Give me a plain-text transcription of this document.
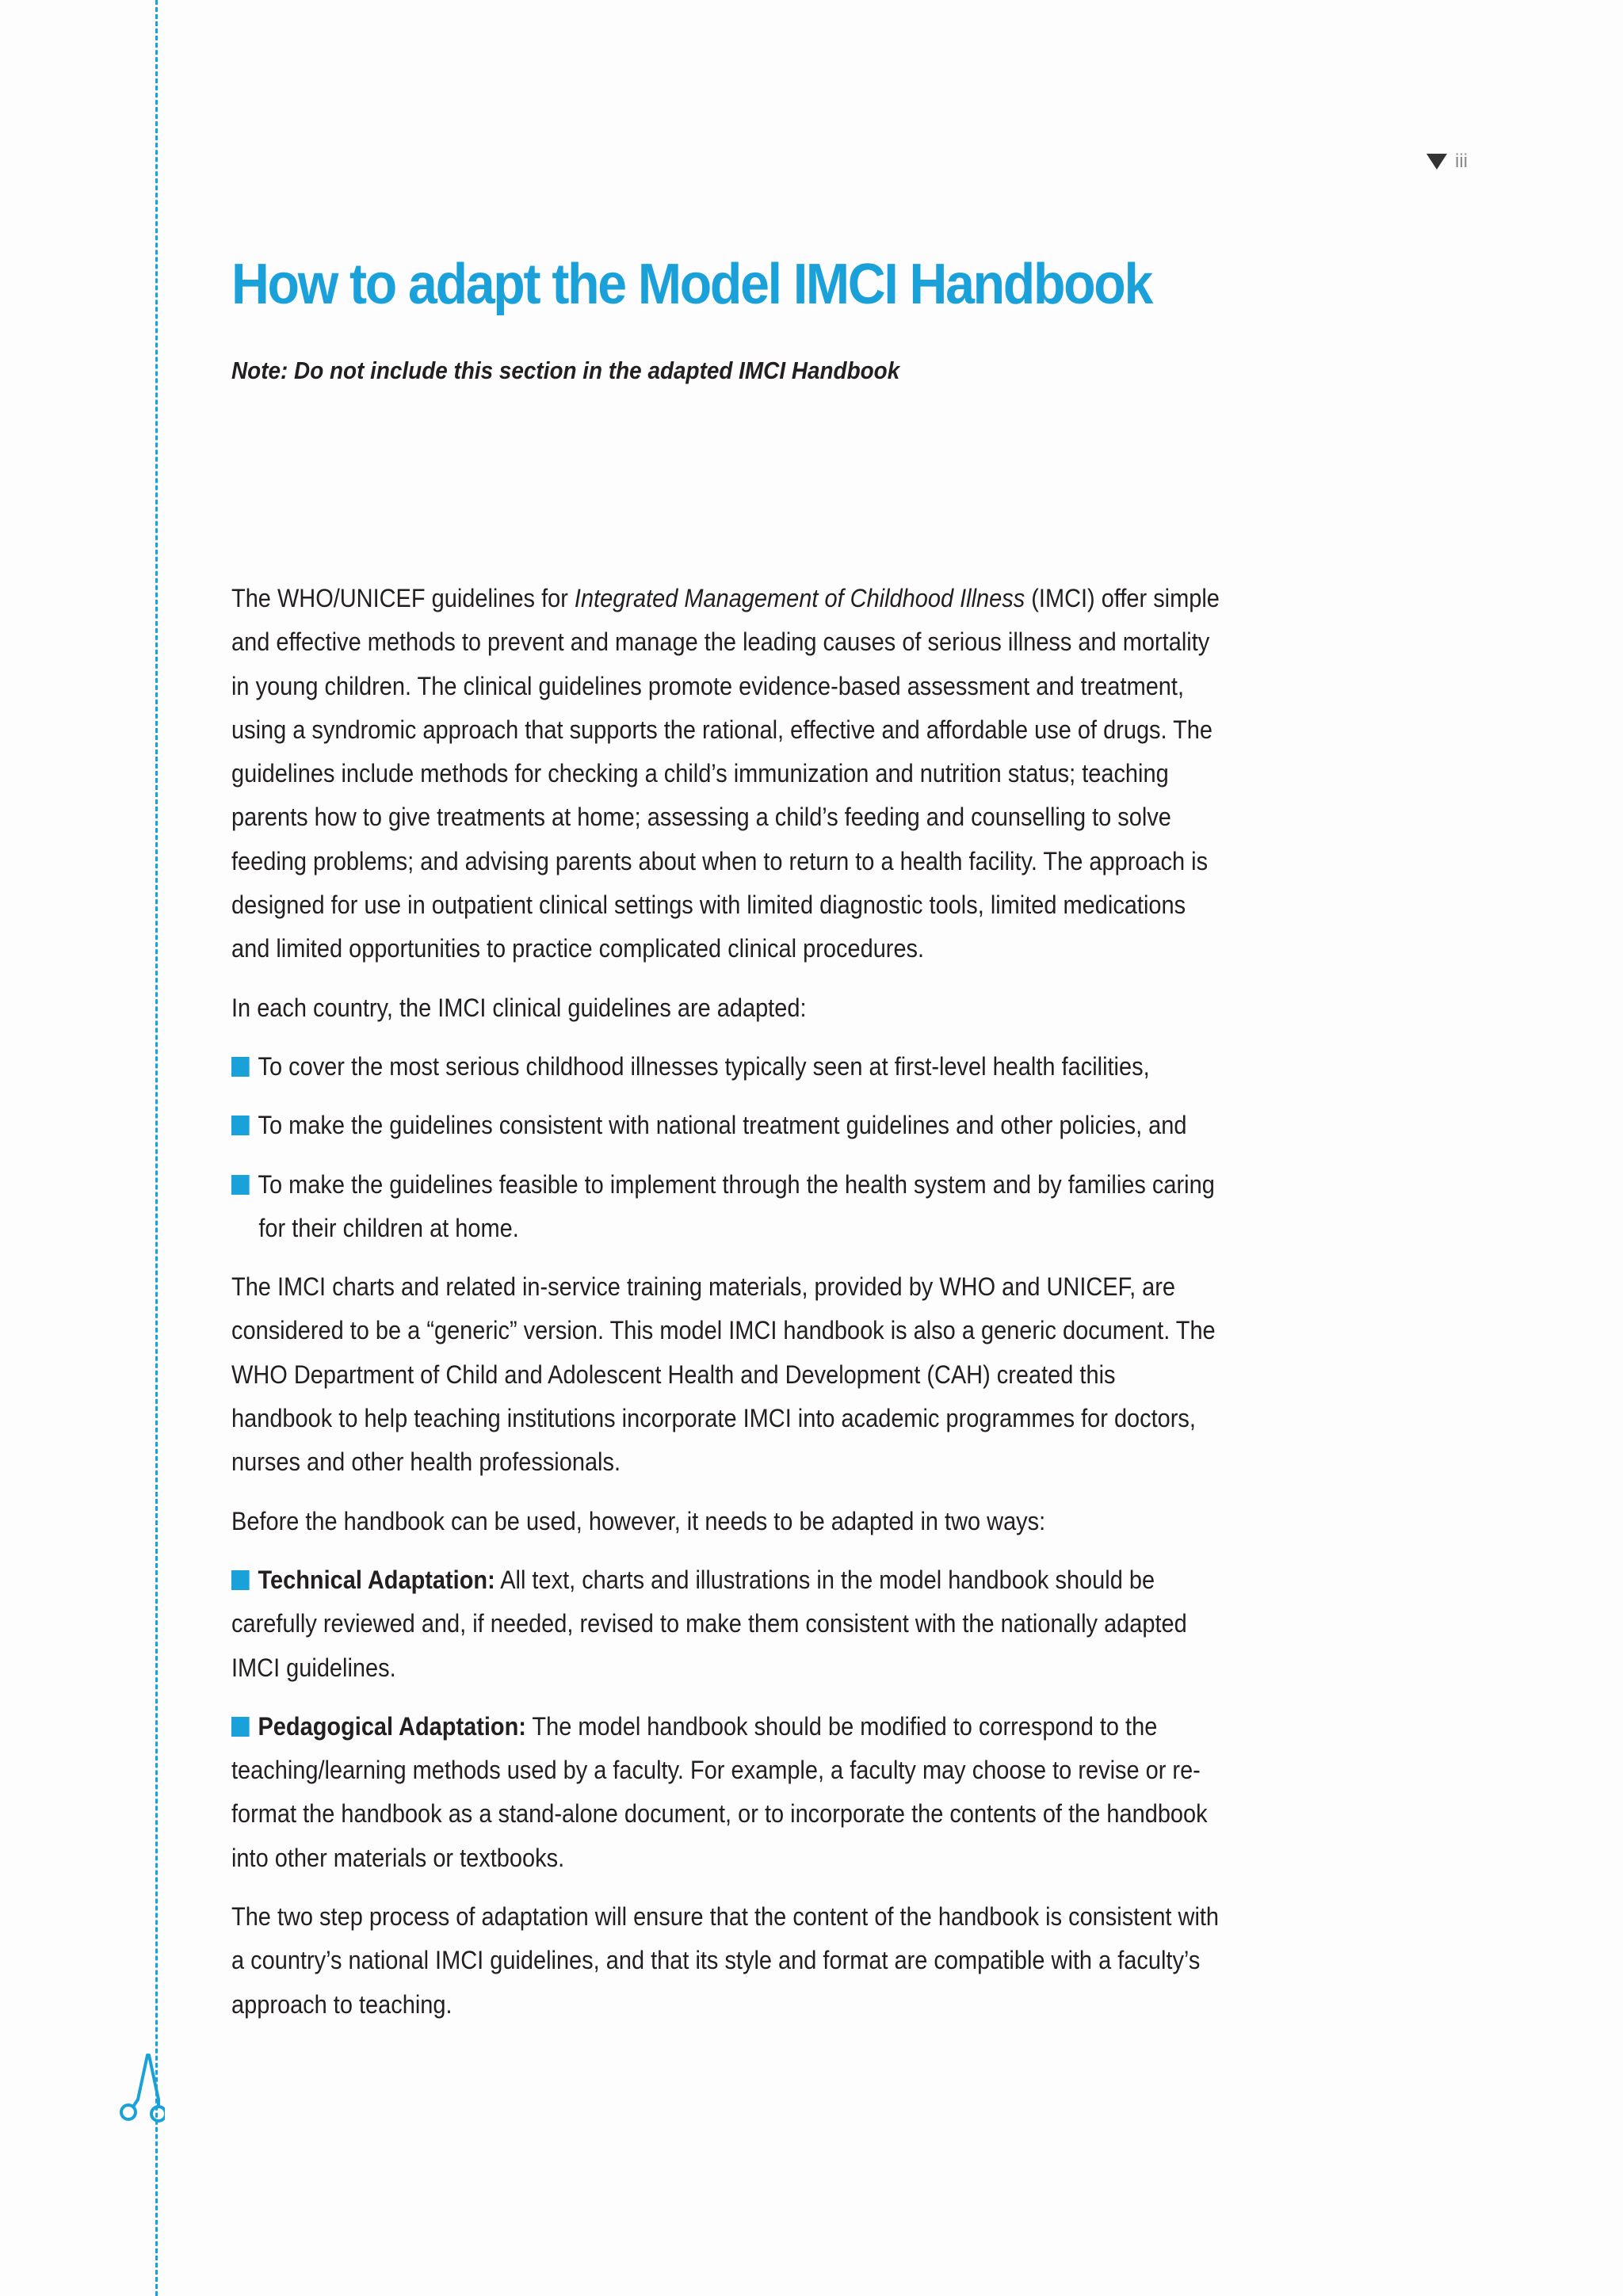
iii
How to adapt the Model IMCI Handbook

Note: Do not include this section in the adapted IMCI Handbook

The WHO/UNICEF guidelines for Integrated Management of Childhood Illness (IMCI) offer simple and effective methods to prevent and manage the leading causes of serious illness and mortality in young children. The clinical guidelines promote evidence-based assessment and treatment, using a syndromic approach that supports the rational, effective and affordable use of drugs. The guidelines include methods for checking a child’s immunization and nutrition status; teaching parents how to give treatments at home; assessing a child’s feeding and counselling to solve feeding problems; and advising parents about when to return to a health facility. The approach is designed for use in outpatient clinical settings with limited diagnostic tools, limited medications and limited opportunities to practice complicated clinical procedures.

In each country, the IMCI clinical guidelines are adapted:

To cover the most serious childhood illnesses typically seen at first-level health facilities,

To make the guidelines consistent with national treatment guidelines and other policies, and

To make the guidelines feasible to implement through the health system and by families caring for their children at home.

The IMCI charts and related in-service training materials, provided by WHO and UNICEF, are considered to be a “generic” version. This model IMCI handbook is also a generic document. The WHO Department of Child and Adolescent Health and Development (CAH) created this handbook to help teaching institutions incorporate IMCI into academic programmes for doctors, nurses and other health professionals.

Before the handbook can be used, however, it needs to be adapted in two ways:

Technical Adaptation: All text, charts and illustrations in the model handbook should be carefully reviewed and, if needed, revised to make them consistent with the nationally adapted IMCI guidelines.

Pedagogical Adaptation: The model handbook should be modified to correspond to the teaching/learning methods used by a faculty. For example, a faculty may choose to revise or re-format the handbook as a stand-alone document, or to incorporate the contents of the handbook into other materials or textbooks.

The two step process of adaptation will ensure that the content of the handbook is consistent with a country’s national IMCI guidelines, and that its style and format are compatible with a faculty’s approach to teaching.
